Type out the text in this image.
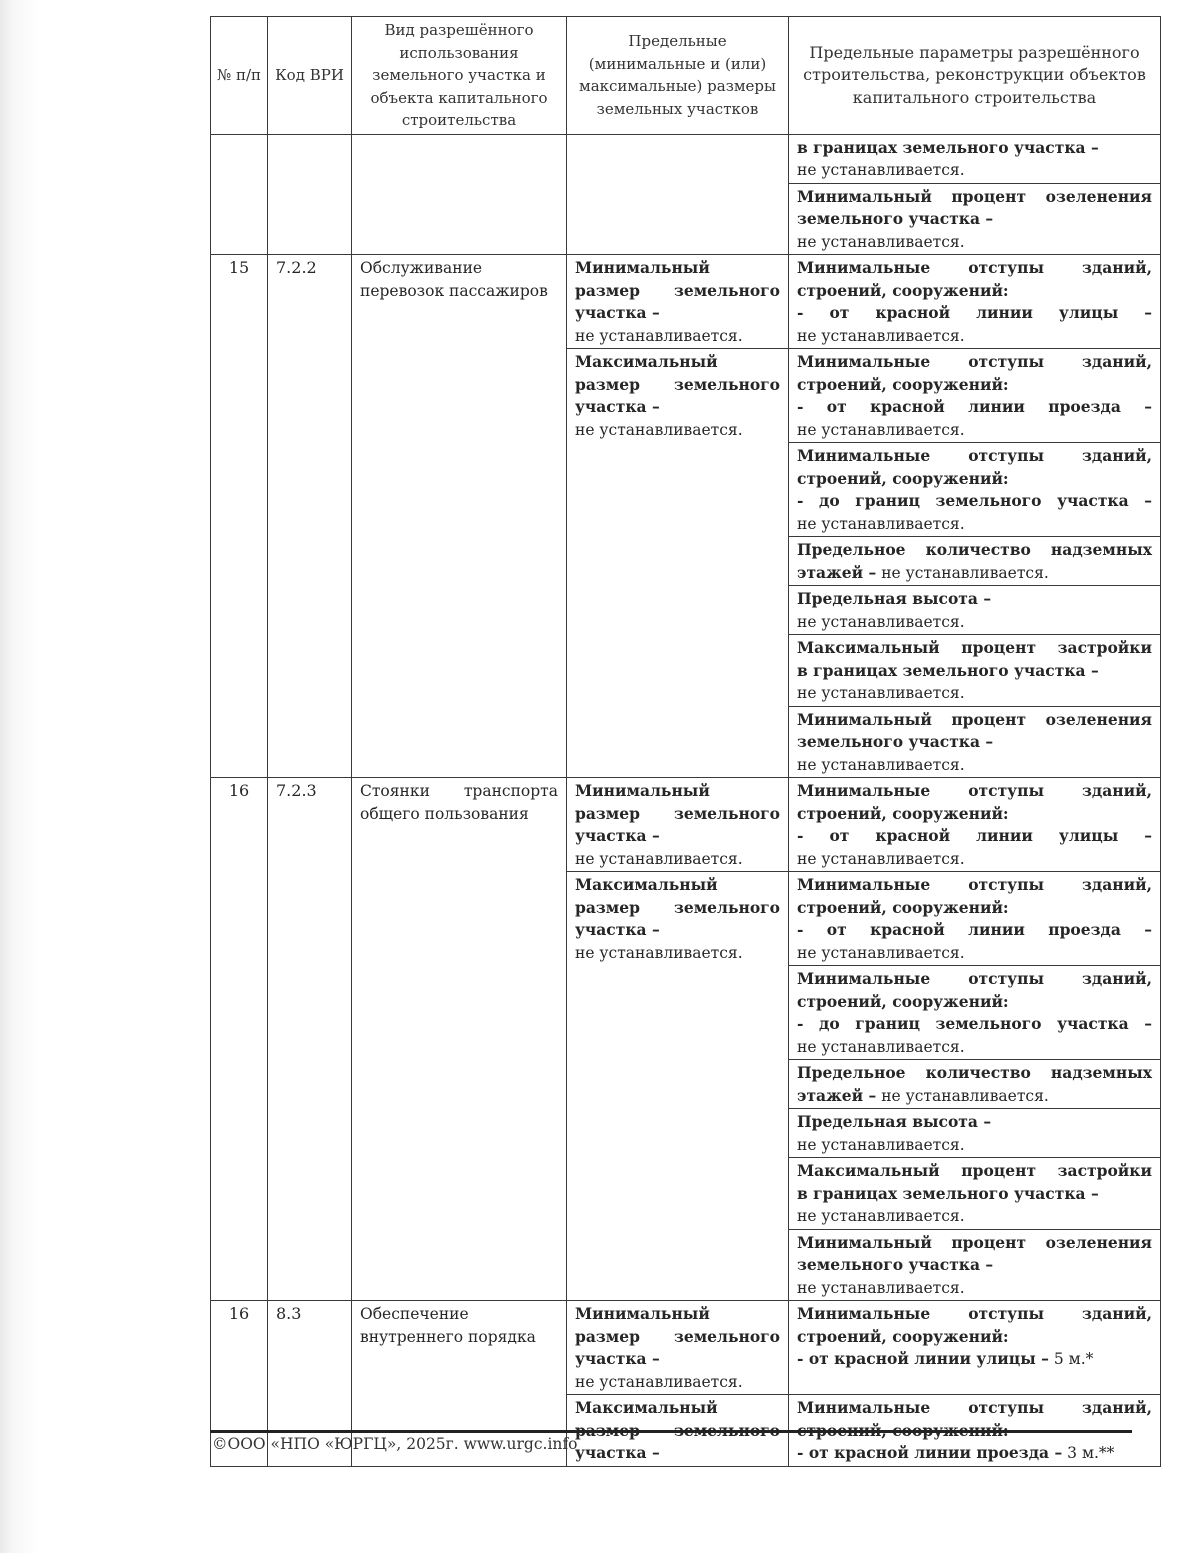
№ п/п	Код ВРИ	Вид разрешённого использования земельного участка и объекта капитального строительства	Предельные (минимальные и (или) максимальные) размеры земельных участков	Предельные параметры разрешённого строительства, реконструкции объектов капитального строительства

				в границах земельного участка –
не устанавливается.

				Минимальный процент озеленения
земельного участка –
не устанавливается.

15	7.2.2	Обслуживание перевозок пассажиров	Минимальный
размер земельного
участка –
не устанавливается.	Минимальные отступы зданий,
строений, сооружений:
- от красной линии улицы –
не устанавливается.

			Максимальный
размер земельного
участка –
не устанавливается.	Минимальные отступы зданий,
строений, сооружений:
- от красной линии проезда –
не устанавливается.

				Минимальные отступы зданий,
строений, сооружений:
- до границ земельного участка –
не устанавливается.

				Предельное количество надземных
этажей – не устанавливается.

				Предельная высота –
не устанавливается.

				Максимальный процент застройки
в границах земельного участка –
не устанавливается.

				Минимальный процент озеленения
земельного участка –
не устанавливается.

16	7.2.3	Стоянки транспорта общего пользования	Минимальный
размер земельного
участка –
не устанавливается.	Минимальные отступы зданий,
строений, сооружений:
- от красной линии улицы –
не устанавливается.

			Максимальный
размер земельного
участка –
не устанавливается.	Минимальные отступы зданий,
строений, сооружений:
- от красной линии проезда –
не устанавливается.

				Минимальные отступы зданий,
строений, сооружений:
- до границ земельного участка –
не устанавливается.

				Предельное количество надземных
этажей – не устанавливается.

				Предельная высота –
не устанавливается.

				Максимальный процент застройки
в границах земельного участка –
не устанавливается.

				Минимальный процент озеленения
земельного участка –
не устанавливается.

16	8.3	Обеспечение внутреннего порядка	Минимальный
размер земельного
участка –
не устанавливается.	Минимальные отступы зданий,
строений, сооружений:
- от красной линии улицы – 5 м.*

			Максимальный
участка –	Минимальные отступы зданий,
- от красной линии проезда – 3 м.**
©ООО «НПО «ЮРГЦ», 2025г. www.urgc.info
